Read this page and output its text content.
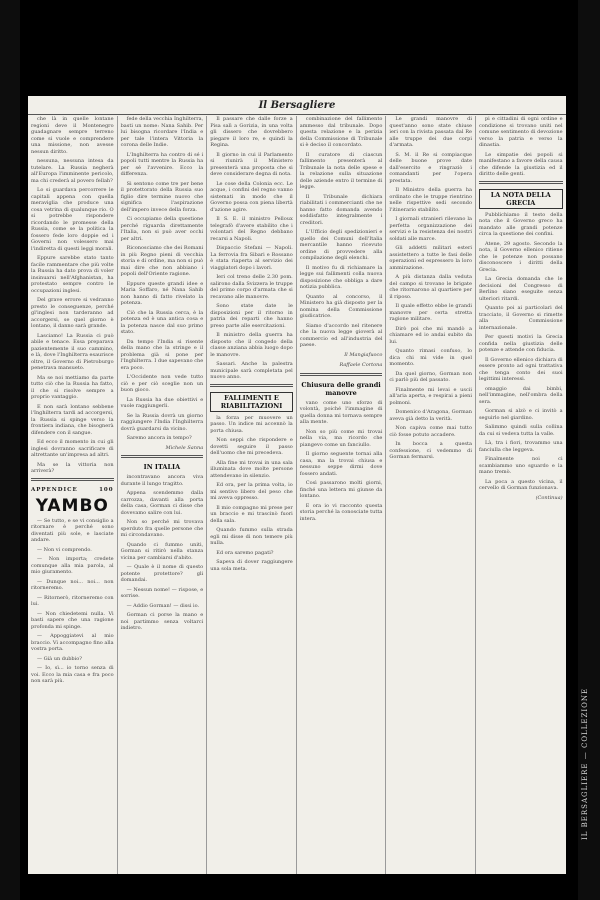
IL BERSAGLIERE — COLLEZIONE
Il Bersagliere

che là in quelle lontane regioni deve il Montenegro guadagnare sempre terreno come si vuole e comprendere una missione, non avesse nessun diritto.

nessuna, nessuna intesa da tutelare. La Russia negherà all'Europa l'imminente pericolo, ma chi crederà al povero fellah?

Lo si guardava percorrere le capitali appena con quella meraviglia che produce una cosa vetrina di qualunque rio. O si potrebbe rispondere ricordando le promesse della Russia, come se la politica la fossero fede loro doppie ed i Governi non volessero mai l'indiretta di questi leggi morali.

Eppure sarebbe stato tanto facile rammentare che più volte la Russia ha dato prova di voler insinuarsi nell'Afghanistan, ha protestato sempre contro le occupazioni inglesi.

Del grave errore si vedranno presto le conseguenze, perché gl'inglesi non tarderanno ad accorgersi, se quel giorno è lontano, il danno sarà grande.

Lasciamo! La Russia ci può abile e tenace. Essa preparava pazientemente il suo cammino, e là, dove l'Inghilterra esaurisce oltre, il Governo di Pietroburgo penetrava mansueto.

Ma se noi mettiamo da parte tutto ciò che la Russia ha fatto, il che si risolve sempre a proprio vantaggio.

E non sarà lontano sebbene l'Inghilterra tardi ad accorgersi, la Russia si spinge verso la frontiera indiana, che bisognerà difendere con il sangue.

Ed ecco il momento in cui gli inglesi dovranno sacrificare di altrettante un'impresa ad altri.

Ma se la vittoria non arriverà?

APPENDICE	100
YAMBO

— Se tutto, e se vi consiglio a ritornare è perché sono diventati più sole, e lasciate andare.

— Non vi comprendo.

— Non importa; credete comunque alla mia parola, al mio giuramento.

— Dunque noi... noi... non ritorneremo.

— Ritornerò, ritorneremo con lui.

— Non chiedetemi nulla. Vi basti sapere che una ragione profonda mi spinge.

— Appoggiatevi al mio braccio. Vi accompagno fino alla vostra porta.

— Già un dubbio?

— Io, sì... io torno senza di voi. Ecco la mia casa e fra poco non sarà più.

fede della vecchia Inghilterra, basti un nome: Nana Sahib. Per lui bisogna ricordare l'India e per tale l'intera Vittoria la corona delle Indie.

L'Inghilterra ha contro di sé i popoli tutti mentre la Russia ha per sé l'avvenire. Ecco la differenza.

Si sentono come tre per bene il protettorato della Russia suo figlio dire termine nuovo che significa l'aspirazione dell'impero invece della forza.

Ci occupiamo della questione perché riguarda direttamente l'Italia, non si può aver occhi per altri.

Riconosciamo che dei Romani in più Regno pieni di vecchia storia e di ordine, ma non si può mai dire che non abbiano i popoli dell'Oriente ragione.

Eppure queste grandi idee e Maria Soffaro, né Nana Sahib non hanno di fatto rivelato la potenza.

Ciò che la Russia cerca, è la potenza ed è una antica cosa e la potenza nasce dal suo primo stato.

Da tempo l'India si risente della mano che la stringe e il problema già si pone per l'Inghilterra. I due sapevano che era poco.

L'Occidente non vede tutto ciò e per ciò sceglie non un buon gioco.

La Russia ha due obiettivi e vuole raggiungerli.

Se la Russia dovrà un giorno raggiungere l'India l'Inghilterra dovrà guardarsi da vicino.

Saremo ancora in tempo?

Michele Sanna
IN ITALIA

incontravano ancora viva durante il lungo tragitto.

Appena scendemmo dalla carrozza, davanti alla porta della casa, Gorman ci disse che dovevamo salire con lui.

Non so perché mi trovava sperduto fra quelle persone che mi circondavano.

Quando ci fummo uniti, Gorman si ritirò nella stanza vicina per cambiarsi d'abito.

— Quale è il nome di questo potente protettore? gli domandai.

— Nessun nome! — rispose, e sorrise.

— Addio Gorman! — dissi io.

Gorman ci porse la mano e noi partimmo senza voltarci indietro.

Il passare che dalle forze a Pisa salì a Gorizia, in una volta gli dissero che dovrebbero piegare il loro re, e quindi la Regina.

Il giorno in cui il Parlamento si riunirà il Ministero presenterà una proposta che si deve considerare degna di nota.

Le cose della Colonia ecc. Le acque, i confini del regno vanno sistemati in modo che il Governo possa con piena libertà d'azione agire.

Il S. E. il ministro Pelloux telegrafò d'avere stabilito che i volontari del Regno debbano recarsi a Napoli.

Dispaccio Stefani — Napoli. La ferrovia fra Sibari e Rossano è stata riaperta al servizio dei viaggiatori dopo i lavori.

Ieri col treno delle 2.30 pom. salirono dalla Svizzera le truppe del primo corpo d'armata che si recavano alle manovre.

Sono state date le disposizioni per il ritorno in patria dei reparti che hanno preso parte alle esercitazioni.

Il ministro della guerra ha disposto che il congedo della classe anziana abbia luogo dopo le manovre.

Sassari. Anche la palestra municipale sarà completata pel nuovo anno.

FALLIMENTI E RIABILITAZIONI

la forza per muovere un passo. Un indice mi accennò la porta chiusa.

Non seppi che rispondere e dovetti seguire il passo dell'uomo che mi precedeva.

Alla fine mi trovai in una sala illuminata dove molte persone attendevano in silenzio.

Ed ora, per la prima volta, io mi sentivo libero del peso che mi aveva oppresso.

Il mio compagno mi prese per un braccio e mi trascinò fuori della sala.

Quando fummo sulla strada egli mi disse di non temere più nulla.

Ed ora saremo pagati?

Sapeva di dover raggiungere una sola meta.

combinazione del fallimento ammesso dal tribunale. Dopo questa relazione e la perizia della Commissione di Tribunale si è deciso il concordato.

Il curatore di ciascun fallimento presenterà al Tribunale la nota delle spese e la relazione sulla situazione delle aziende entro il termine di legge.

Il Tribunale dichiara riabilitati i commercianti che ne hanno fatto domanda avendo soddisfatto integralmente i creditori.

L'Ufficio degli spedizionieri e quello dei Comuni dell'Italia mercantile hanno ricevuto ordine di provvedere alla compilazione degli elenchi.

Il motivo fu di richiamare la legge sui fallimenti colla nuova disposizione che obbliga a dare notizia pubblica.

Quanto al concorso, il Ministero ha già disposto per la nomina della Commissione giudicatrice.

Siamo d'accordo nel ritenere che la nuova legge gioverà al commercio ed all'industria del paese.

Il Mangiafuoco
Raffaele Cortona
Chiusura delle grandi manovre

vano come uno sforzo di volontà, poiché l'immagine di quella donna mi tornava sempre alla mente.

Non so più come mi trovai nella via, ma ricordo che piangevo come un fanciullo.

Il giorno seguente tornai alla casa, ma la trovai chiusa e nessuno seppe dirmi dove fossero andati.

Così passarono molti giorni, finché una lettera mi giunse da lontano.

E ora io vi racconto questa storia perché la conosciate tutta intera.

Le grandi manovre di quest'anno sono state chiuse ieri con la rivista passata dal Re alle truppe dei due corpi d'armata.

S. M. il Re si compiacque delle buone prove date dall'esercito e ringraziò i comandanti per l'opera prestata.

Il Ministro della guerra ha ordinato che le truppe rientrino nelle rispettive sedi secondo l'itinerario stabilito.

I giornali stranieri rilevano la perfetta organizzazione dei servizi e la resistenza dei nostri soldati alle marce.

Gli addetti militari esteri assistettero a tutte le fasi delle operazioni ed espressero la loro ammirazione.

A più distanza dalla veduta del campo si trovano le brigate che ritornarono al quartiere per il riposo.

Il quale effetto ebbe le grandi manovre per certa stretta ragione militare.

Dirò poi che mi mandò a chiamare ed io andai subito da lui.

Quanto rimasi confuso, lo dica chi mi vide in quel momento.

Da quel giorno, Gorman non ci parlò più del passato.

Finalmente mi levai e uscii all'aria aperta, e respirai a pieni polmoni.

Domenico d'Aragona, Gorman aveva già detto la verità.

Non capiva come mai tutto ciò fosse potuto accadere.

In bocca a questa confessione, ci vedemmo di Gorman fermarsi.

pi e cittadini di ogni ordine e condizione si trovano uniti nel comune sentimento di devozione verso la patria e verso la dinastia.

Le simpatie dei popoli si manifestano a favore della causa che difende la giustizia ed il diritto delle genti.

LA NOTA DELLA GRECIA

Pubblichiamo il testo della nota che il Governo greco ha mandato alle grandi potenze circa la questione dei confini.

Atene, 29 agosto. Secondo la nota, il Governo ellenico ritiene che le potenze non possano disconoscere i diritti della Grecia.

La Grecia domanda che le decisioni del Congresso di Berlino siano eseguite senza ulteriori ritardi.

Quanto poi ai particolari del tracciato, il Governo si rimette alla Commissione internazionale.

Per questi motivi la Grecia confida nella giustizia delle potenze e attende con fiducia.

Il Governo ellenico dichiara di essere pronto ad ogni trattativa che tenga conto dei suoi legittimi interessi.

omaggio dai bimbi, nell'immagine, nell'ombra della sera.

Gorman si alzò e ci invitò a seguirlo nel giardino.

Salimmo quindi sulla collina da cui si vedeva tutta la valle.

Là, tra i fiori, trovammo una fanciulla che leggeva.

Finalmente noi ci scambiammo uno sguardo e la mano tremò.

La poca a questo vicina, il cervello di Gorman funzionava.

(Continua)
